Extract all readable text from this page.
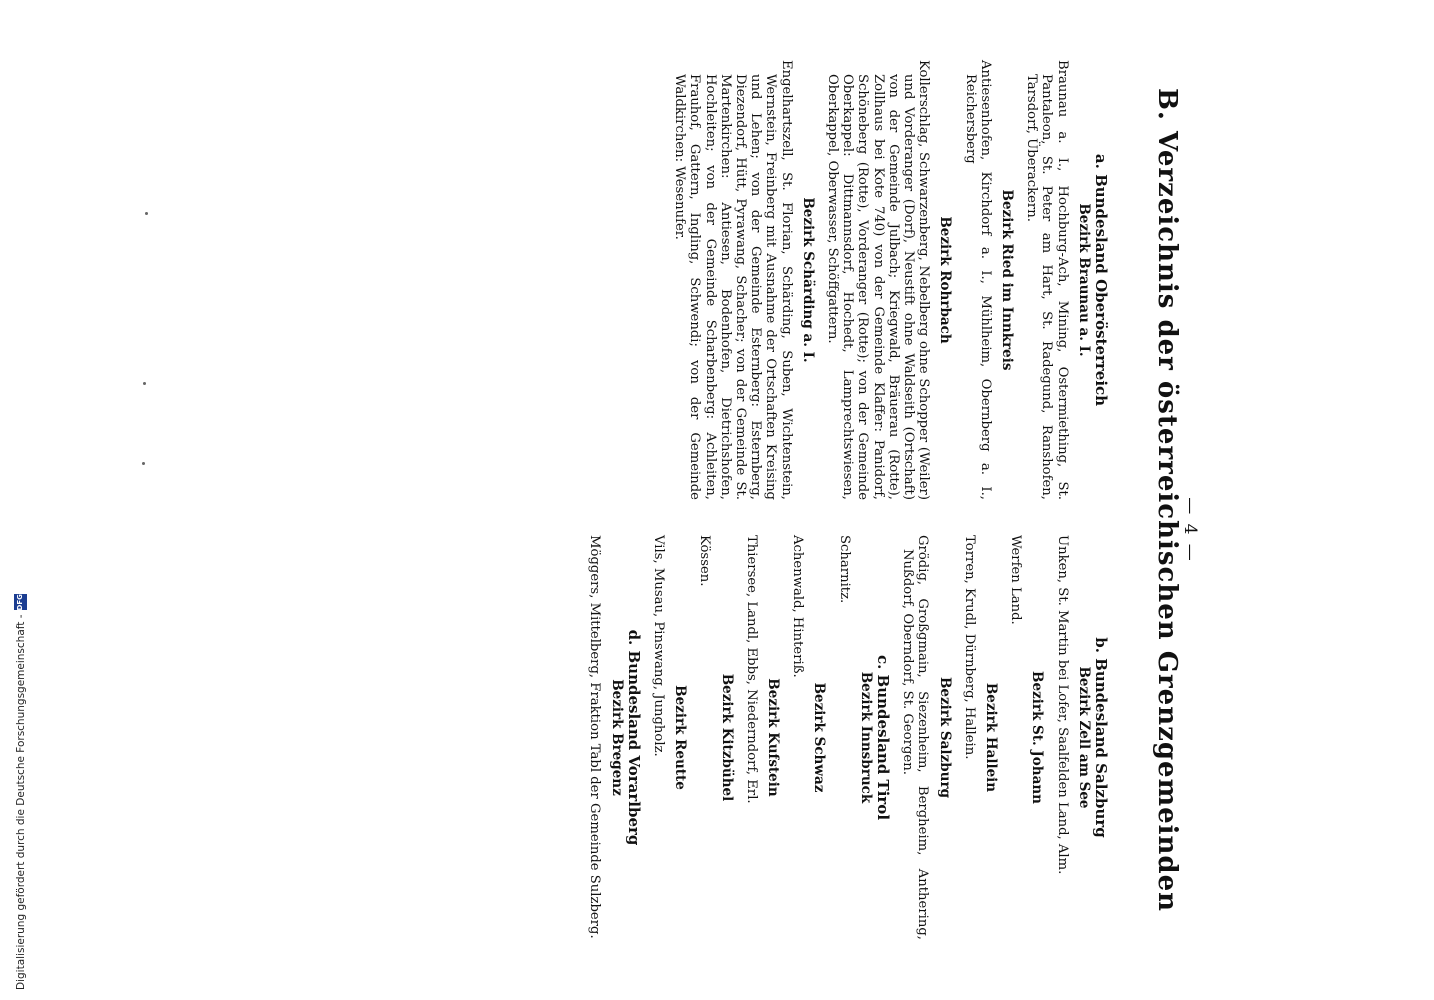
— 4 —
B. Verzeichnis der österreichischen Grenzgemeinden
a. Bundesland Oberösterreich
Bezirk Braunau a. I.

Braunau a. I., Hochburg-Ach, Mining, Ostermiething, St. Pantaleon, St. Peter am Hart, St. Radegund, Ranshofen, Tarsdorf, Überackern.

Bezirk Ried im Innkreis

Antiesenhofen, Kirchdorf a. I., Mühlheim, Obernberg a. I., Reichersberg

Bezirk Rohrbach

Kollerschlag, Schwarzenberg, Nebelberg ohne Schopper (Weiler) und Vorderanger (Dorf), Neustift ohne Waldseith (Ortschaft) von der Gemeinde Julbach; Kriegwald, Bräuerau (Rotte), Zollhaus bei Kote 740) von der Gemeinde Klaffer: Panidorf, Schöneberg (Rotte), Vorderanger (Rotte); von der Gemeinde Oberkappel: Dittmannsdorf, Hochedt, Lamprechtswiesen, Oberkappel, Oberwasser, Schöffgattern.

Bezirk Schärding a. I.

Engelhartszell, St. Florian, Schärding, Suben, Wichtenstein, Wernstein, Freinberg mit Ausnahme der Ortschaften Kreising und Lehen; von der Gemeinde Esternberg: Esternberg, Diezendorf, Hütt, Pyrawang, Schacher; von der Gemeinde St. Martenkirchen: Antiesen, Bodenhofen, Dietrichshofen, Hochleiten; von der Gemeinde Scharbenberg: Achleiten, Frauhof, Gattern, Ingling, Schwendi; von der Gemeinde Waldkirchen: Wesenufer.

b. Bundesland Salzburg
Bezirk Zell am See

Unken, St. Martin bei Lofer, Saalfelden Land, Alm.

Bezirk St. Johann

Werfen Land.

Bezirk Hallein

Torren, Krudl, Dürnberg, Hallein.

Bezirk Salzburg

Grödig, Großgmain, Siezenheim, Bergheim, Anthering, Nußdorf, Oberndorf, St. Georgen.

c. Bundesland Tirol
Bezirk Innsbruck

Scharnitz.

Bezirk Schwaz

Achenwald, Hinteriß.

Bezirk Kufstein

Thiersee, Landl, Ebbs, Niederndorf, Erl.

Bezirk Kitzbühel

Kössen.

Bezirk Reutte

Vils, Musau, Pinswang, Jungholz.

d. Bundesland Vorarlberg
Bezirk Bregenz

Möggers, Mittelberg, Fraktion Tabl der Gemeinde Sulzberg.

Digitalisierung gefördert durch die Deutsche Forschungsgemeinschaft -
DFG
